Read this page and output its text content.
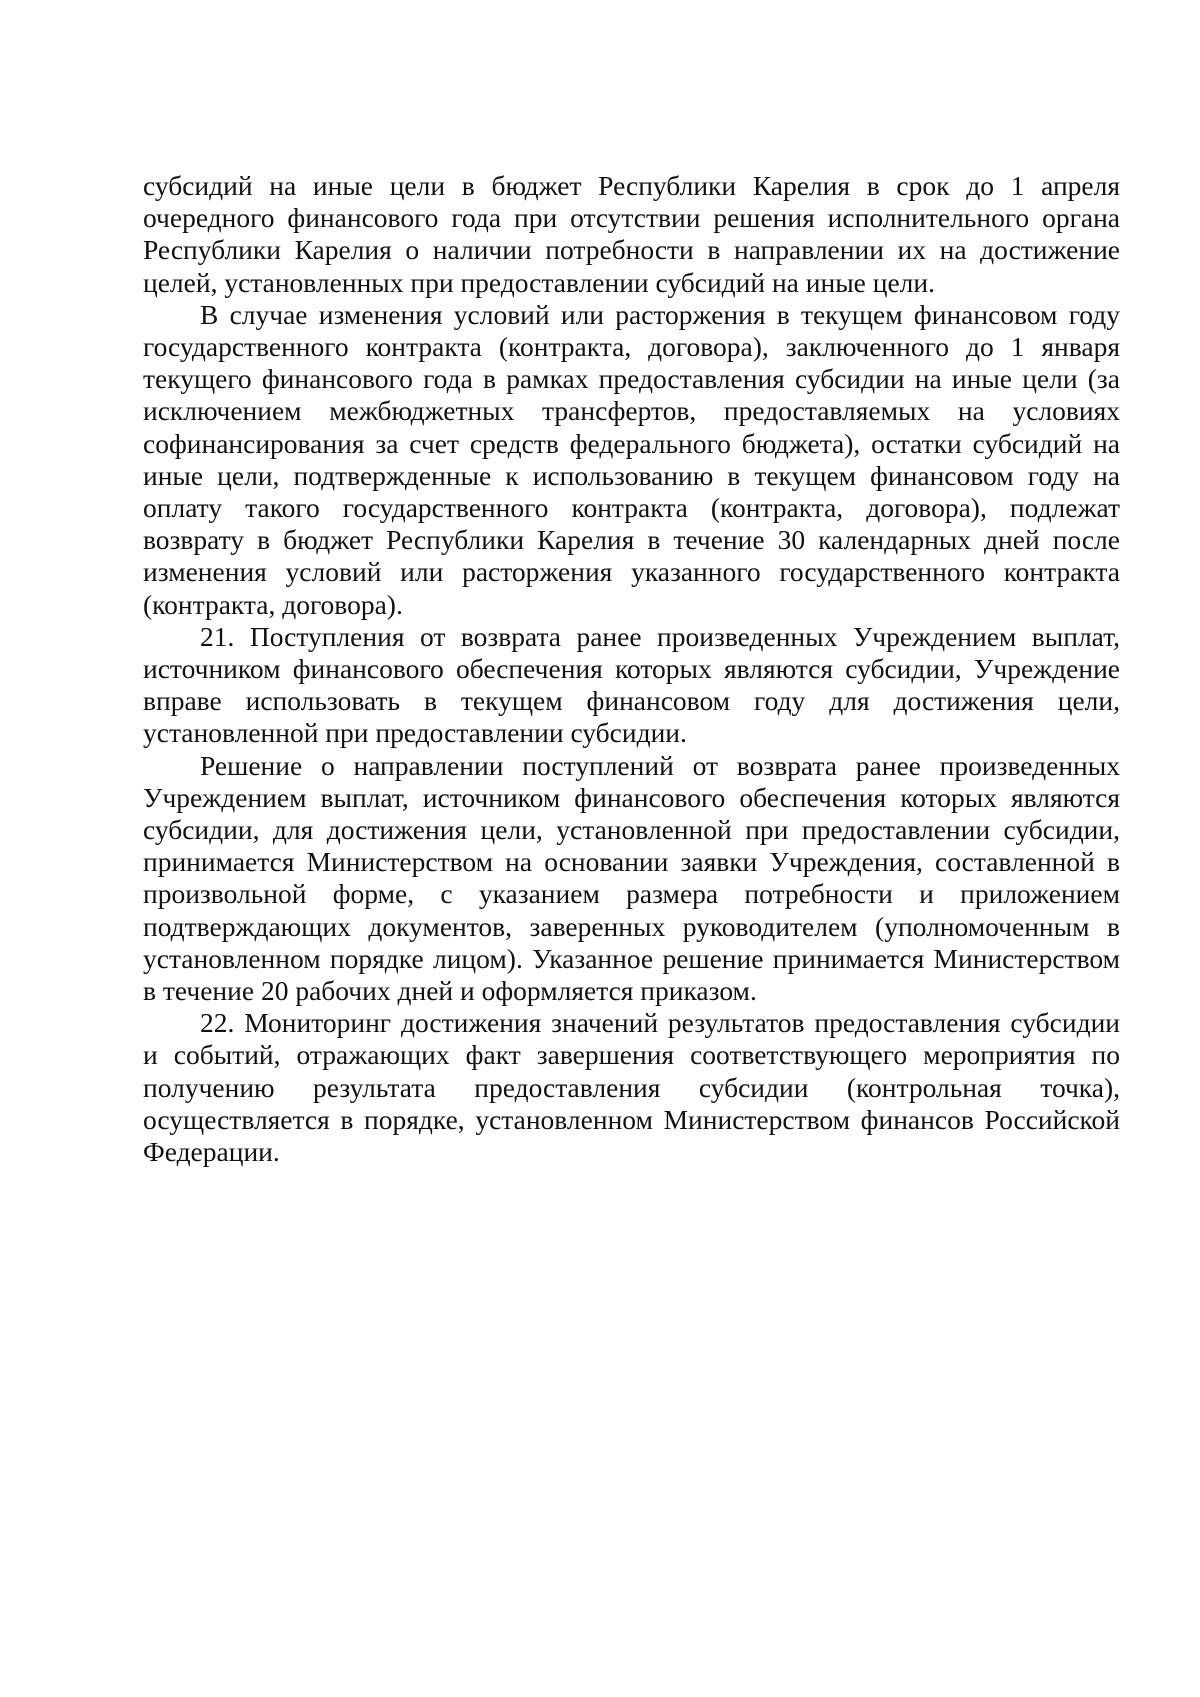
субсидий на иные цели в бюджет Республики Карелия в срок до 1 апреля очередного финансового года при отсутствии решения исполнительного органа Республики Карелия о наличии потребности в направлении их на достижение целей, установленных при предоставлении субсидий на иные цели.

В случае изменения условий или расторжения в текущем финансовом году государственного контракта (контракта, договора), заключенного до 1 января текущего финансового года в рамках предоставления субсидии на иные цели (за исключением межбюджетных трансфертов, предоставляемых на условиях софинансирования за счет средств федерального бюджета), остатки субсидий на иные цели, подтвержденные к использованию в текущем финансовом году на оплату такого государственного контракта (контракта, договора), подлежат возврату в бюджет Республики Карелия в течение 30 календарных дней после изменения условий или расторжения указанного государственного контракта (контракта, договора).

21. Поступления от возврата ранее произведенных Учреждением выплат, источником финансового обеспечения которых являются субсидии, Учреждение вправе использовать в текущем финансовом году для достижения цели, установленной при предоставлении субсидии.

Решение о направлении поступлений от возврата ранее произведенных Учреждением выплат, источником финансового обеспечения которых являются субсидии, для достижения цели, установленной при предоставлении субсидии, принимается Министерством на основании заявки Учреждения, составленной в произвольной форме, с указанием размера потребности и приложением подтверждающих документов, заверенных руководителем (уполномоченным в установленном порядке лицом). Указанное решение принимается Министерством в течение 20 рабочих дней и оформляется приказом.

22. Мониторинг достижения значений результатов предоставления субсидии и событий, отражающих факт завершения соответствующего мероприятия по получению результата предоставления субсидии (контрольная точка), осуществляется в порядке, установленном Министерством финансов Российской Федерации.
